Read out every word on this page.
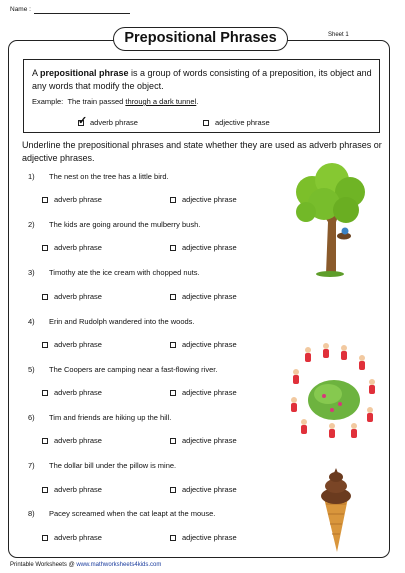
Name :
Sheet 1
Prepositional Phrases
A prepositional phrase is a group of words consisting of a preposition, its object and any words that modify the object.
Example: The train passed through a dark tunnel.
✓ adverb phrase	adjective phrase
Underline the prepositional phrases and state whether they are used as adverb phrases or adjective phrases.
1) The nest on the tree has a little bird.
adverb phrase	adjective phrase
2) The kids are going around the mulberry bush.
adverb phrase	adjective phrase
3) Timothy ate the ice cream with chopped nuts.
adverb phrase	adjective phrase
4) Erin and Rudolph wandered into the woods.
adverb phrase	adjective phrase
5) The Coopers are camping near a fast-flowing river.
adverb phrase	adjective phrase
6) Tim and friends are hiking up the hill.
adverb phrase	adjective phrase
7) The dollar bill under the pillow is mine.
adverb phrase	adjective phrase
8) Pacey screamed when the cat leapt at the mouse.
adverb phrase	adjective phrase
Printable Worksheets @ www.mathworksheets4kids.com
